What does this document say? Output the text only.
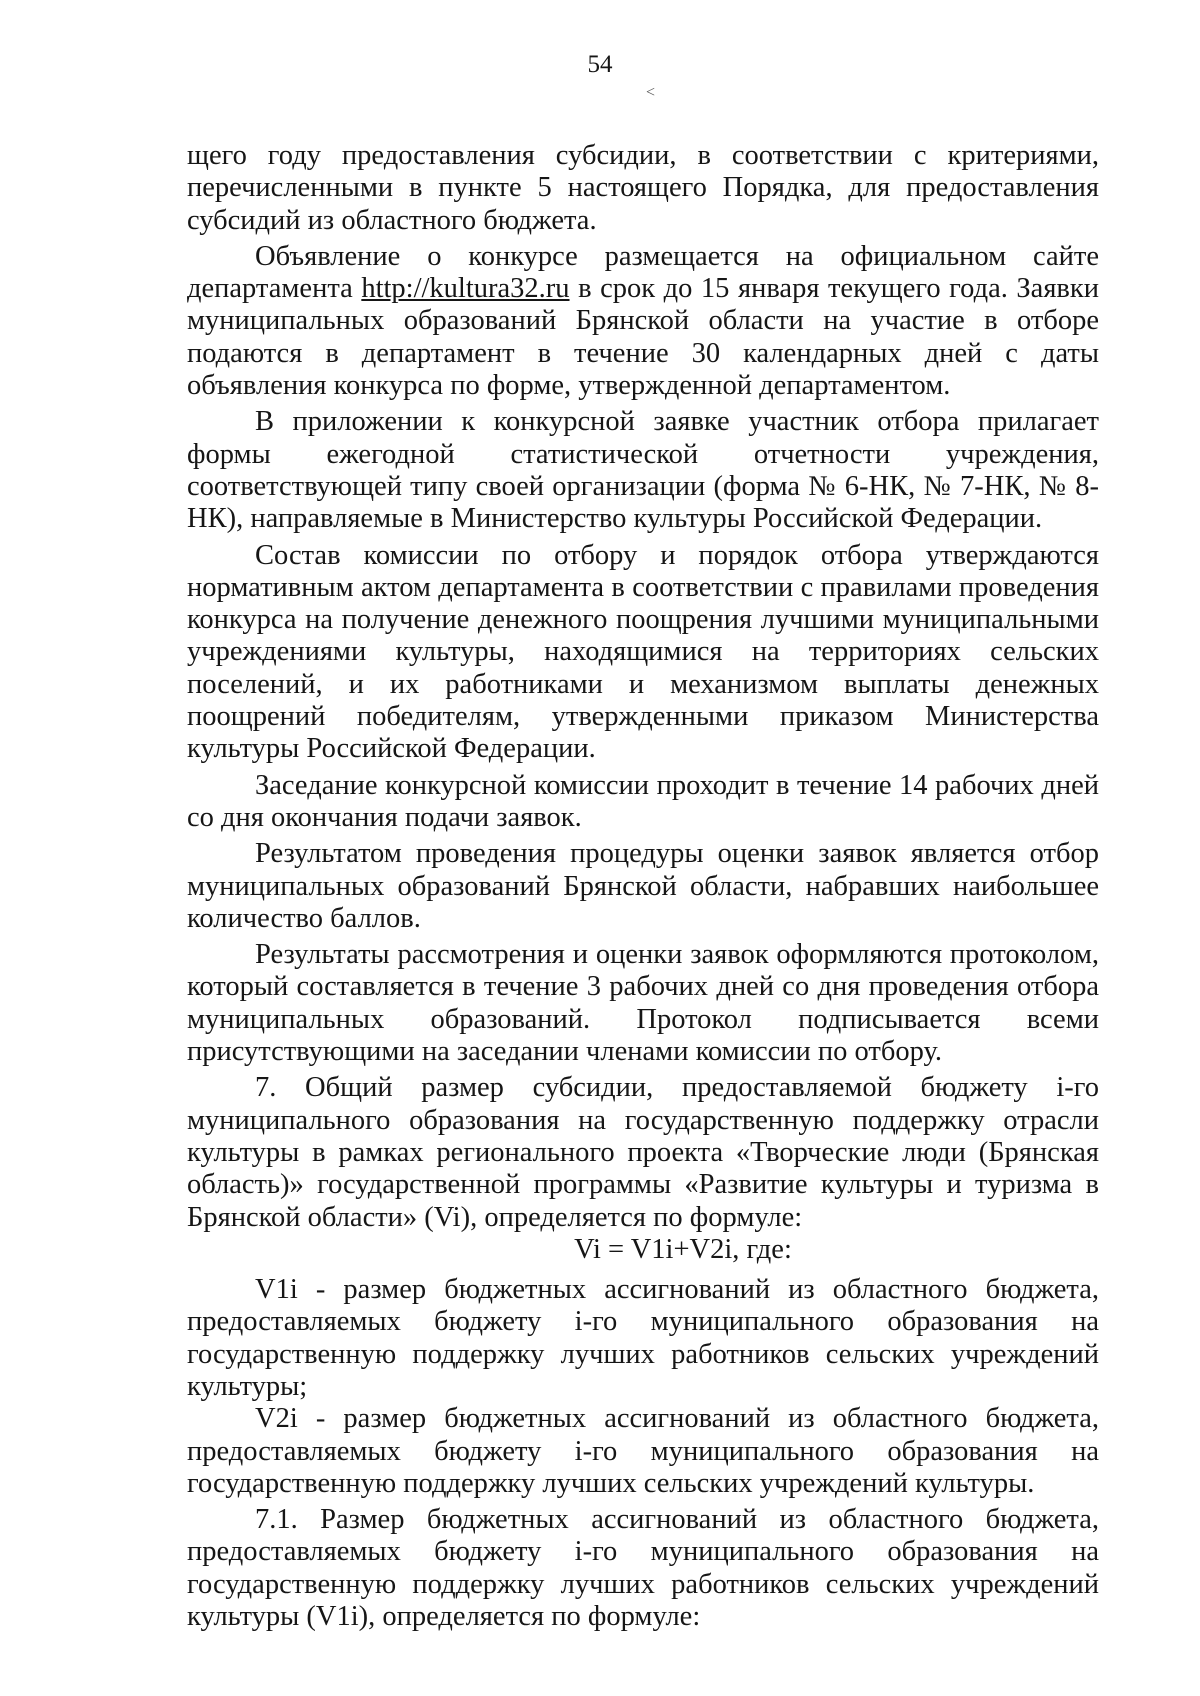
54
˂

щего году предоставления субсидии, в соответствии с критериями, перечисленными в пункте 5 настоящего Порядка, для предоставления субсидий из областного бюджета.

Объявление о конкурсе размещается на официальном сайте департамента http://kultura32.ru в срок до 15 января текущего года. Заявки муниципальных образований Брянской области на участие в отборе подаются в департамент в течение 30 календарных дней с даты объявления конкурса по форме, утвержденной департаментом.

В приложении к конкурсной заявке участник отбора прилагает формы ежегодной статистической отчетности учреждения, соответствующей типу своей организации (форма № 6-НК, № 7-НК, № 8-НК), направляемые в Министерство культуры Российской Федерации.

Состав комиссии по отбору и порядок отбора утверждаются нормативным актом департамента в соответствии с правилами проведения конкурса на получение денежного поощрения лучшими муниципальными учреждениями культуры, находящимися на территориях сельских поселений, и их работниками и механизмом выплаты денежных поощрений победителям, утвержденными приказом Министерства культуры Российской Федерации.

Заседание конкурсной комиссии проходит в течение 14 рабочих дней со дня окончания подачи заявок.

Результатом проведения процедуры оценки заявок является отбор муниципальных образований Брянской области, набравших наибольшее количество баллов.

Результаты рассмотрения и оценки заявок оформляются протоколом, который составляется в течение 3 рабочих дней со дня проведения отбора муниципальных образований. Протокол подписывается всеми присутствующими на заседании членами комиссии по отбору.

7. Общий размер субсидии, предоставляемой бюджету i-го муниципального образования на государственную поддержку отрасли культуры в рамках регионального проекта «Творческие люди (Брянская область)» государственной программы «Развитие культуры и туризма в Брянской области» (Vi), определяется по формуле:

Vi = V1i+V2i, где:

V1i - размер бюджетных ассигнований из областного бюджета, предоставляемых бюджету i-го муниципального образования на государственную поддержку лучших работников сельских учреждений культуры;

V2i - размер бюджетных ассигнований из областного бюджета, предоставляемых бюджету i-го муниципального образования на государственную поддержку лучших сельских учреждений культуры.

7.1. Размер бюджетных ассигнований из областного бюджета, предоставляемых бюджету i-го муниципального образования на государственную поддержку лучших работников сельских учреждений культуры (V1i), определяется по формуле:
